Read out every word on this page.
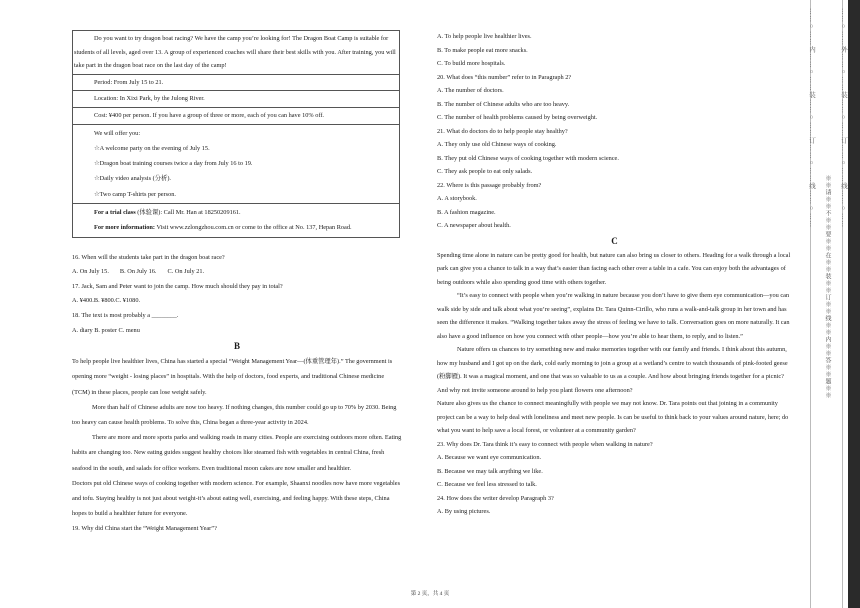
Do you want to try dragon boat racing? We have the camp you’re looking for! The Dragon Boat Camp is suitable for students of all levels, aged over 13. A group of experienced coaches will share their best skills with you. After training, you will take part in the dragon boat race on the last day of the camp!

Period: From July 15 to 21.

Location: In Xixi Park, by the Julong River.

Cost: ¥400 per person. If you have a group of three or more, each of you can have 10% off.

We will offer you:

☆A welcome party on the evening of July 15.

☆Dragon boat training courses twice a day from July 16 to 19.

☆Daily video analysis (分析).

☆Two camp T-shirts per person.

For a trial class (体验课): Call Mr. Han at 18250209161.

For more information: Visit www.zzlongzhou.com.cn or come to the office at No. 137, Hepan Road.

16. When will the students take part in the dragon boat race?

A. On July 15.       B. On July 16.       C. On July 21.

17. Jack, Sam and Peter want to join the camp. How much should they pay in total?

A. ¥400.B. ¥800.C. ¥1080.

18. The text is most probably a ________.

A. diary B. poster C. menu

B

To help people live healthier lives, China has started a special “Weight Management Year—(体重管理年).” The government is opening more “weight - losing places” in hospitals. With the help of doctors, food experts, and traditional Chinese medicine (TCM) in these places, people can lose weight safely.

More than half of Chinese adults are now too heavy. If nothing changes, this number could go up to 70% by 2030. Being too heavy can cause health problems. To solve this, China began a three-year activity in 2024.

There are more and more sports parks and walking roads in many cities. People are exercising outdoors more often. Eating habits are changing too. New eating guides suggest healthy choices like steamed fish with vegetables in central China, fresh seafood in the south, and salads for office workers. Even traditional moon cakes are now smaller and healthier.

Doctors put old Chinese ways of cooking together with modern science. For example, Shaanxi noodles now have more vegetables and tofu. Staying healthy is not just about weight-it’s about eating well, exercising, and feeling happy. With these steps, China hopes to build a healthier future for everyone.

19. Why did China start the “Weight Management Year”?

A. To help people live healthier lives.

B. To make people eat more snacks.

C. To build more hospitals.

20. What does “this number” refer to in Paragraph 2?

A. The number of doctors.

B. The number of Chinese adults who are too heavy.

C. The number of health problems caused by being overweight.

21. What do doctors do to help people stay healthy?

A. They only use old Chinese ways of cooking.

B. They put old Chinese ways of cooking together with modern science.

C. They ask people to eat only salads.

22. Where is this passage probably from?

A. A storybook.

B. A fashion magazine.

C. A newspaper about health.

C

Spending time alone in nature can be pretty good for health, but nature can also bring us closer to others. Heading for a walk through a local park can give you a chance to talk in a way that’s easier than facing each other over a table in a cafe. You can enjoy both the advantages of being outdoors while also spending good time with others together.

“It’s easy to connect with people when you’re walking in nature because you don’t have to give them eye communication—you can walk side by side and talk about what you’re seeing”, explains Dr. Tara Quinn-Cirillo, who runs a walk-and-talk group in her town and has seen the difference it makes. “Walking together takes away the stress of feeling we have to talk. Conversation goes on more naturally. It can also have a good influence on how you connect with other people—how you’re able to hear them, to reply, and to listen.”

Nature offers us chances to try something new and make memories together with our family and friends. I think about this autumn, how my husband and I got up on the dark, cold early morning to join a group at a wetland’s centre to watch thousands of pink-footed geese (粉脚雁). It was a magical moment, and one that was so valuable to us as a couple. And how about bringing friends together for a picnic? And why not invite someone around to help you plant flowers one afternoon?

Nature also gives us the chance to connect meaningfully with people we may not know. Dr. Tara points out that joining in a community project can be a way to help deal with loneliness and meet new people. Is can be useful to think back to your values around nature, here; do what you want to help save a local forest, or volunteer at a community garden?

23. Why does Dr. Tara think it’s easy to connect with people when walking in nature?

A. Because we want eye communication.

B. Because we may talk anything we like.

C. Because we feel less stressed to talk.

24. How does the writer develop Paragraph 3?

A. By using pictures.

第 2 页，共 4 页
……○……内……○……装……○……订……○……线……○……
※※请※※不※※要※※在※※装※※订※※线※※内※※答※※题※※
……○……外……○……装……○……订……○……线……○……
